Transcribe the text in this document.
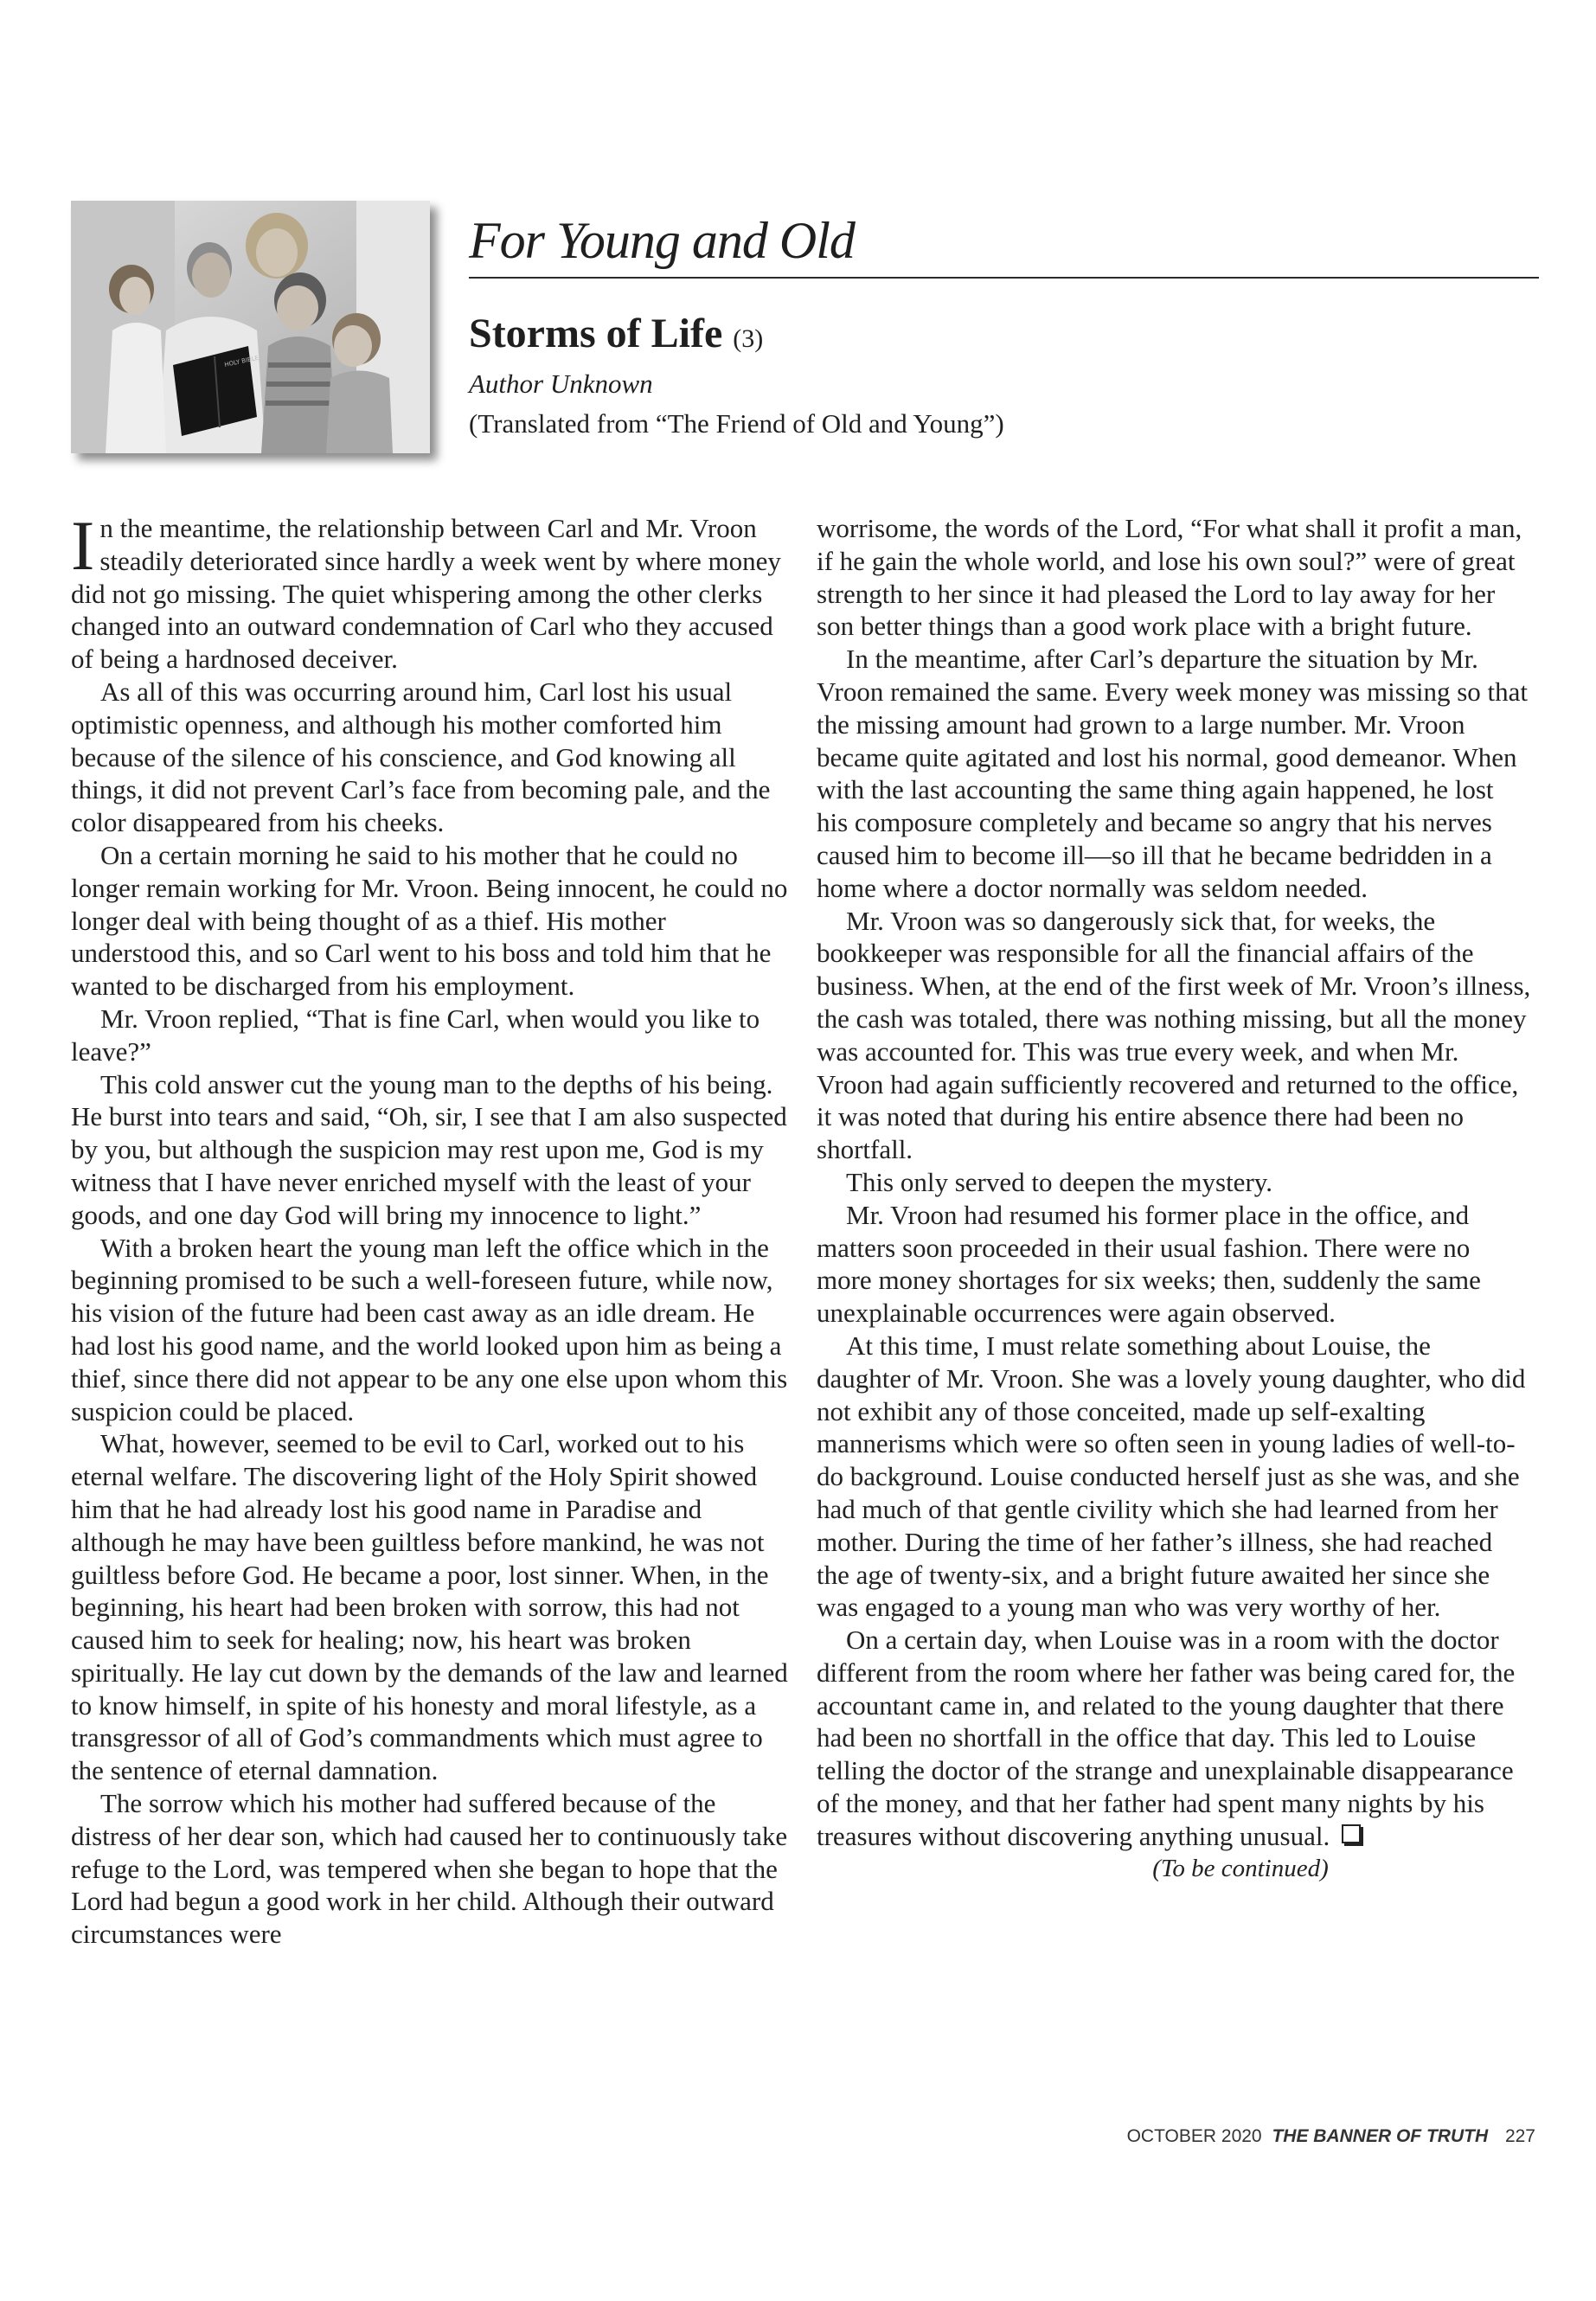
HOLY BIBLE
For Young and Old
Storms of Life (3)

Author Unknown

(Translated from “The Friend of Old and Young”)

In the meantime, the relationship between Carl and Mr. Vroon steadily deteriorated since hardly a week went by where money did not go missing. The quiet whispering among the other clerks changed into an outward condemnation of Carl who they accused of being a hardnosed deceiver.

As all of this was occurring around him, Carl lost his usual optimistic openness, and although his mother comforted him because of the silence of his conscience, and God knowing all things, it did not prevent Carl’s face from becoming pale, and the color disappeared from his cheeks.

On a certain morning he said to his mother that he could no longer remain working for Mr. Vroon. Being innocent, he could no longer deal with being thought of as a thief. His mother understood this, and so Carl went to his boss and told him that he wanted to be discharged from his employment.

Mr. Vroon replied, “That is fine Carl, when would you like to leave?”

This cold answer cut the young man to the depths of his being. He burst into tears and said, “Oh, sir, I see that I am also suspected by you, but although the suspicion may rest upon me, God is my witness that I have never enriched myself with the least of your goods, and one day God will bring my innocence to light.”

With a broken heart the young man left the office which in the beginning promised to be such a well-foreseen future, while now, his vision of the future had been cast away as an idle dream. He had lost his good name, and the world looked upon him as being a thief, since there did not appear to be any one else upon whom this suspicion could be placed.

What, however, seemed to be evil to Carl, worked out to his eternal welfare. The discovering light of the Holy Spirit showed him that he had already lost his good name in Paradise and although he may have been guiltless before mankind, he was not guiltless before God. He became a poor, lost sinner. When, in the beginning, his heart had been broken with sorrow, this had not caused him to seek for healing; now, his heart was broken spiritually. He lay cut down by the demands of the law and learned to know himself, in spite of his honesty and moral lifestyle, as a transgressor of all of God’s commandments which must agree to the sentence of eternal damnation.

The sorrow which his mother had suffered because of the distress of her dear son, which had caused her to continuously take refuge to the Lord, was tempered when she began to hope that the Lord had begun a good work in her child. Although their outward circumstances were

worrisome, the words of the Lord, “For what shall it profit a man, if he gain the whole world, and lose his own soul?” were of great strength to her since it had pleased the Lord to lay away for her son better things than a good work place with a bright future.

In the meantime, after Carl’s departure the situation by Mr. Vroon remained the same. Every week money was missing so that the missing amount had grown to a large number. Mr. Vroon became quite agitated and lost his normal, good demeanor. When with the last accounting the same thing again happened, he lost his composure completely and became so angry that his nerves caused him to become ill—so ill that he became bedridden in a home where a doctor normally was seldom needed.

Mr. Vroon was so dangerously sick that, for weeks, the bookkeeper was responsible for all the financial affairs of the business. When, at the end of the first week of Mr. Vroon’s illness, the cash was totaled, there was nothing missing, but all the money was accounted for. This was true every week, and when Mr. Vroon had again sufficiently recovered and returned to the office, it was noted that during his entire absence there had been no shortfall.

This only served to deepen the mystery.

Mr. Vroon had resumed his former place in the office, and matters soon proceeded in their usual fashion. There were no more money shortages for six weeks; then, suddenly the same unexplainable occurrences were again observed.

At this time, I must relate something about Louise, the daughter of Mr. Vroon. She was a lovely young daughter, who did not exhibit any of those conceited, made up self-exalting mannerisms which were so often seen in young ladies of well-to-do background. Louise conducted herself just as she was, and she had much of that gentle civility which she had learned from her mother. During the time of her father’s illness, she had reached the age of twenty-six, and a bright future awaited her since she was engaged to a young man who was very worthy of her.

On a certain day, when Louise was in a room with the doctor different from the room where her father was being cared for, the accountant came in, and related to the young daughter that there had been no shortfall in the office that day. This led to Louise telling the doctor of the strange and unexplainable disappearance of the money, and that her father had spent many nights by his treasures without discovering anything unusual.

(To be continued)

OCTOBER 2020 THE BANNER OF TRUTH 227
